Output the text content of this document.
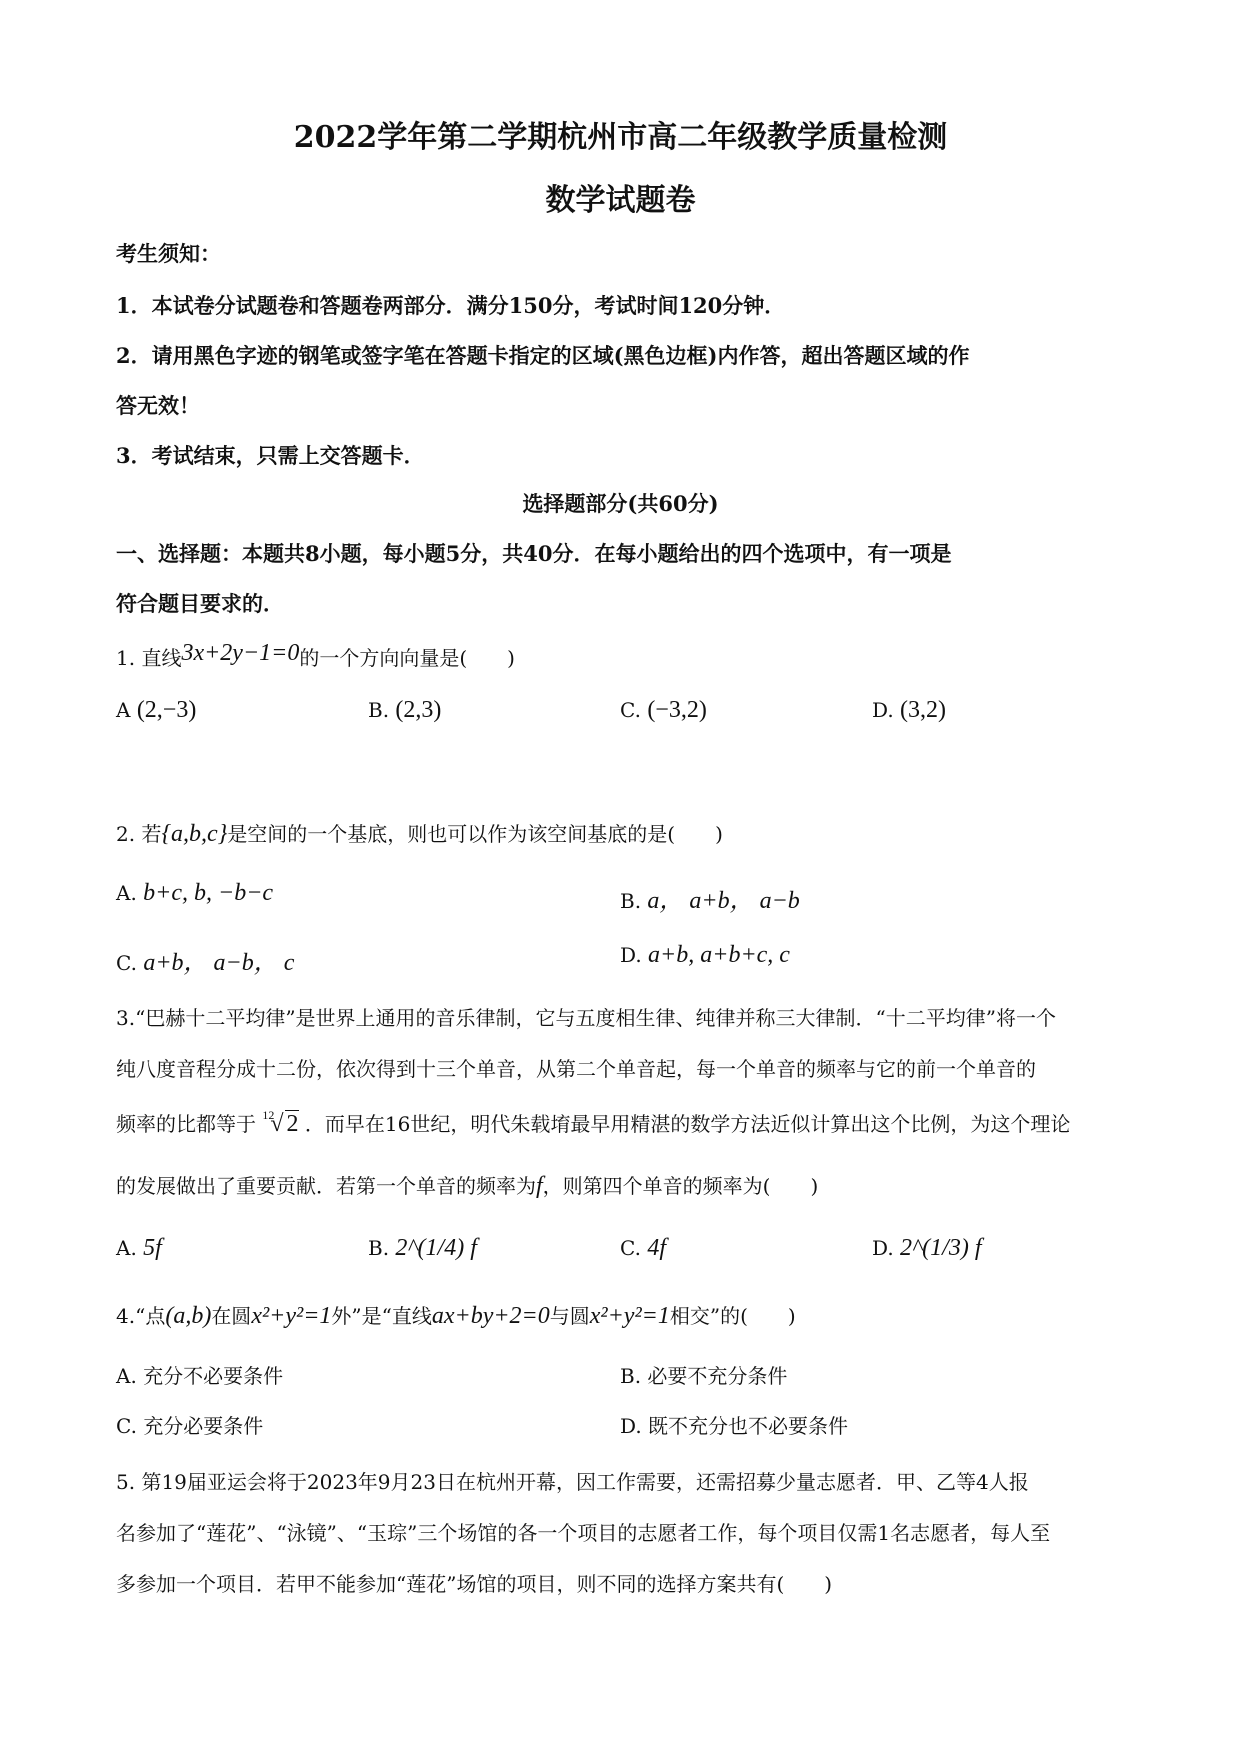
2022学年第二学期杭州市高二年级教学质量检测
数学试题卷
考生须知：
1．本试卷分试题卷和答题卷两部分．满分150分，考试时间120分钟．
2．请用黑色字迹的钢笔或签字笔在答题卡指定的区域(黑色边框)内作答，超出答题区域的作
答无效！
3．考试结束，只需上交答题卡．
选择题部分(共60分)
一、选择题：本题共8小题，每小题5分，共40分．在每小题给出的四个选项中，有一项是
符合题目要求的．
1. 直线3x+2y−1=0的一个方向向量是(　　)
A (2,−3)	B. (2,3)	C. (−3,2)	D. (3,2)
2. 若{a,b,c}是空间的一个基底，则也可以作为该空间基底的是(　　)
A. b+c, b, −b−c	B. a， a+b， a−b
C. a+b， a−b， c	D. a+b, a+b+c, c
3.“巴赫十二平均律”是世界上通用的音乐律制，它与五度相生律、纯律并称三大律制．“十二平均律”将一个
纯八度音程分成十二份，依次得到十三个单音，从第二个单音起，每一个单音的频率与它的前一个单音的
频率的比都等于 $^{12}$√ 2 ．而早在16世纪，明代朱载堉最早用精湛的数学方法近似计算出这个比例，为这个理论
的发展做出了重要贡献．若第一个单音的频率为f，则第四个单音的频率为(　　)
A. 5f	B. 2^(1/4) f	C. 4f	D. 2^(1/3) f
4.“点(a,b)在圆x²+y²=1外”是“直线ax+by+2=0与圆x²+y²=1相交”的(　　)
A. 充分不必要条件	B. 必要不充分条件
C. 充分必要条件	D. 既不充分也不必要条件
5. 第19届亚运会将于2023年9月23日在杭州开幕，因工作需要，还需招募少量志愿者．甲、乙等4人报
名参加了“莲花”、“泳镜”、“玉琮”三个场馆的各一个项目的志愿者工作，每个项目仅需1名志愿者，每人至
多参加一个项目．若甲不能参加“莲花”场馆的项目，则不同的选择方案共有(　　)
